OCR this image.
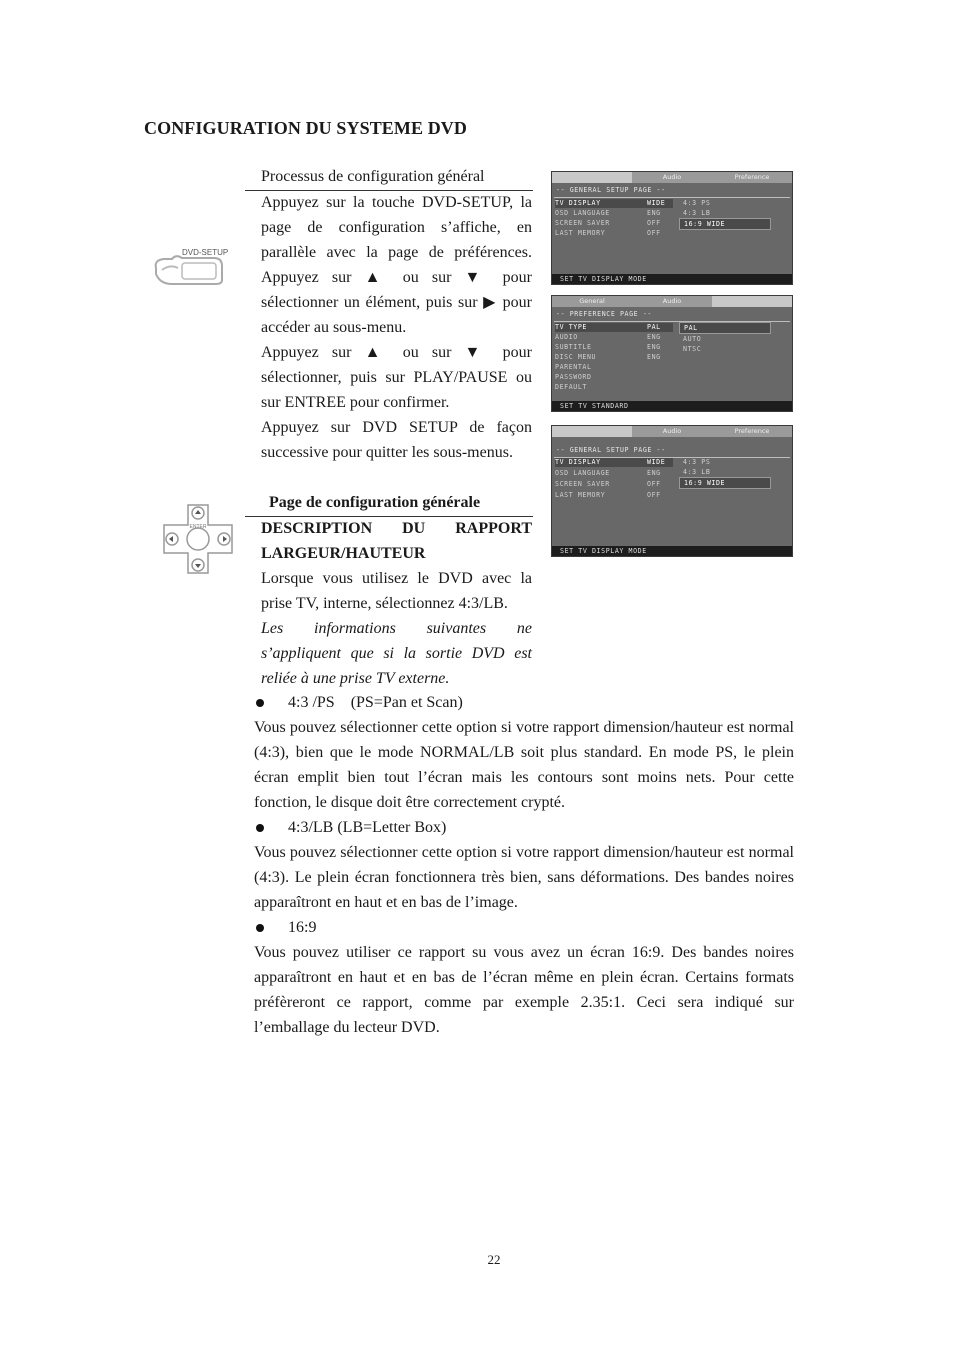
CONFIGURATION DU SYSTEME DVD
Processus de configuration général

Appuyez sur la touche DVD-SETUP, la page de configuration s’affiche, en parallèle avec la page de préférences. Appuyez sur ▲ ou sur ▼ pour sélectionner un élément, puis sur ▶ pour accéder au sous-menu.

Appuyez sur ▲ ou sur ▼ pour sélectionner, puis sur PLAY/PAUSE ou sur ENTREE pour confirmer.

Appuyez sur DVD SETUP de façon successive pour quitter les sous-menus.

DVD-SETUP
Page de configuration générale

DESCRIPTION DU RAPPORT LARGEUR/HAUTEUR

Lorsque vous utilisez le DVD avec la prise TV, interne, sélectionnez 4:3/LB.

Les informations suivantes ne s’appliquent que si la sortie DVD est reliée à une prise TV externe.

ENTER
General	Audio	Preference
-- GENERAL SETUP PAGE --
TV DISPLAY	WIDE
OSD LANGUAGE	ENG
SCREEN SAVER	OFF
LAST MEMORY	OFF
4:3 PS
4:3 LB
16:9 WIDE
SET TV DISPLAY MODE
General	Audio	Preference
-- PREFERENCE PAGE --
TV TYPE	PAL
AUDIO	ENG
SUBTITLE	ENG
DISC MENU	ENG
PARENTAL
PASSWORD
DEFAULT
PAL
AUTO
NTSC
SET TV STANDARD
General	Audio	Preference
-- GENERAL SETUP PAGE --
TV DISPLAY	WIDE
OSD LANGUAGE	ENG
SCREEN SAVER	OFF
LAST MEMORY	OFF
4:3 PS
4:3 LB
16:9 WIDE
SET TV DISPLAY MODE
4:3 /PS    (PS=Pan et Scan)

Vous pouvez sélectionner cette option si votre rapport dimension/hauteur est normal (4:3), bien que le mode NORMAL/LB soit plus standard. En mode PS, le plein écran emplit bien tout l’écran mais les contours sont moins nets. Pour cette fonction, le disque doit être correctement crypté.

4:3/LB (LB=Letter Box)

Vous pouvez sélectionner cette option si votre rapport dimension/hauteur est normal (4:3). Le plein écran fonctionnera très bien, sans déformations. Des bandes noires apparaîtront en haut et en bas de l’image.

16:9

Vous pouvez utiliser ce rapport su vous avez un écran 16:9. Des bandes noires apparaîtront en haut et en bas de l’écran même en plein écran. Certains formats préfèreront ce rapport, comme par exemple 2.35:1. Ceci sera indiqué sur l’emballage du lecteur DVD.

22
